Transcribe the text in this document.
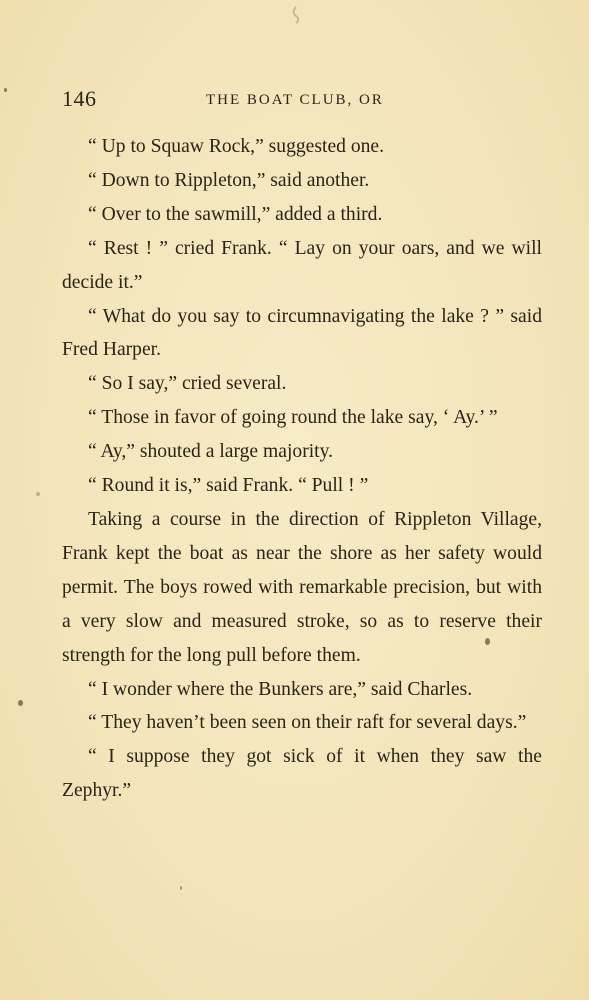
146	THE BOAT CLUB, OR

“ Up to Squaw Rock,” suggested one.

“ Down to Rippleton,” said another.

“ Over to the sawmill,” added a third.

“ Rest ! ” cried Frank. “ Lay on your oars, and we will decide it.”

“ What do you say to circumnavigating the lake ? ” said Fred Harper.

“ So I say,” cried several.

“ Those in favor of going round the lake say, ‘ Ay.’ ”

“ Ay,” shouted a large majority.

“ Round it is,” said Frank. “ Pull ! ”

Taking a course in the direction of Rippleton Village, Frank kept the boat as near the shore as her safety would permit. The boys rowed with remarkable precision, but with a very slow and measured stroke, so as to reserve their strength for the long pull before them.

“ I wonder where the Bunkers are,” said Charles.

“ They haven’t been seen on their raft for several days.”

“ I suppose they got sick of it when they saw the Zephyr.”
